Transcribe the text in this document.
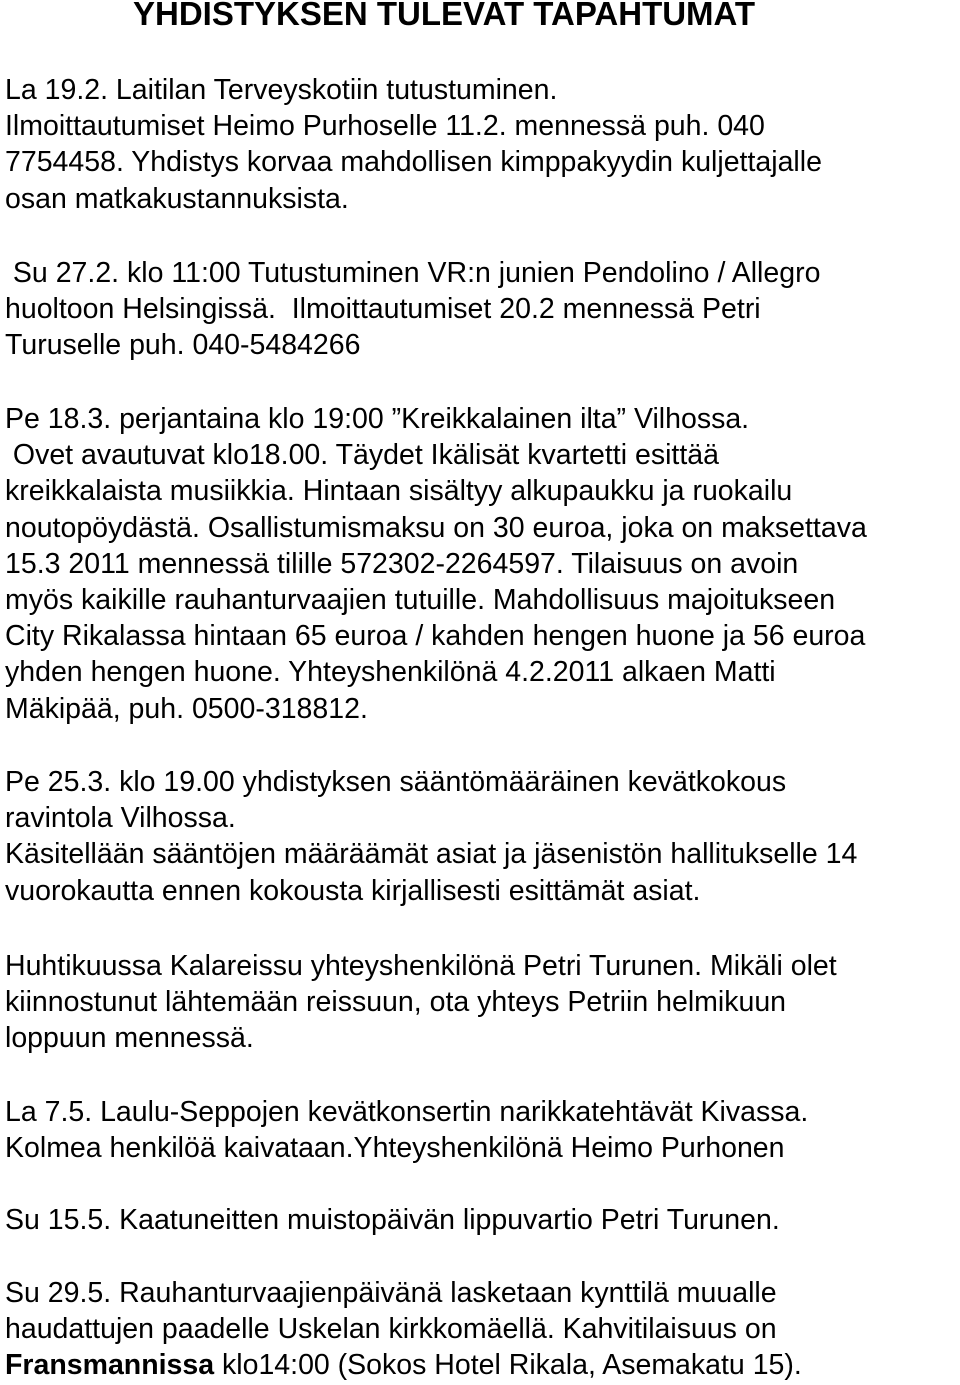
YHDISTYKSEN TULEVAT TAPAHTUMAT
La 19.2. Laitilan Terveyskotiin tutustuminen.
Ilmoittautumiset Heimo Purhoselle 11.2. mennessä puh. 040
7754458. Yhdistys korvaa mahdollisen kimppakyydin kuljettajalle
osan matkakustannuksista.
Su 27.2. klo 11:00 Tutustuminen VR:n junien Pendolino / Allegro
huoltoon Helsingissä.  Ilmoittautumiset 20.2 mennessä Petri
Turuselle puh. 040-5484266
Pe 18.3. perjantaina klo 19:00 ”Kreikkalainen ilta” Vilhossa.
Ovet avautuvat klo18.00. Täydet Ikälisät kvartetti esittää
kreikkalaista musiikkia. Hintaan sisältyy alkupaukku ja ruokailu
noutopöydästä. Osallistumismaksu on 30 euroa, joka on maksettava
15.3 2011 mennessä tilille 572302-2264597. Tilaisuus on avoin
myös kaikille rauhanturvaajien tutuille. Mahdollisuus majoitukseen
City Rikalassa hintaan 65 euroa / kahden hengen huone ja 56 euroa
yhden hengen huone. Yhteyshenkilönä 4.2.2011 alkaen Matti
Mäkipää, puh. 0500-318812.
Pe 25.3. klo 19.00 yhdistyksen sääntömääräinen kevätkokous
ravintola Vilhossa.
Käsitellään sääntöjen määräämät asiat ja jäsenistön hallitukselle 14
vuorokautta ennen kokousta kirjallisesti esittämät asiat.
Huhtikuussa Kalareissu yhteyshenkilönä Petri Turunen. Mikäli olet
kiinnostunut lähtemään reissuun, ota yhteys Petriin helmikuun
loppuun mennessä.
La 7.5. Laulu-Seppojen kevätkonsertin narikkatehtävät Kivassa.
Kolmea henkilöä kaivataan.Yhteyshenkilönä Heimo Purhonen
Su 15.5. Kaatuneitten muistopäivän lippuvartio Petri Turunen.
Su 29.5. Rauhanturvaajienpäivänä lasketaan kynttilä muualle
haudattujen paadelle Uskelan kirkkomäellä. Kahvitilaisuus on
Fransmannissa klo14:00 (Sokos Hotel Rikala, Asemakatu 15).
